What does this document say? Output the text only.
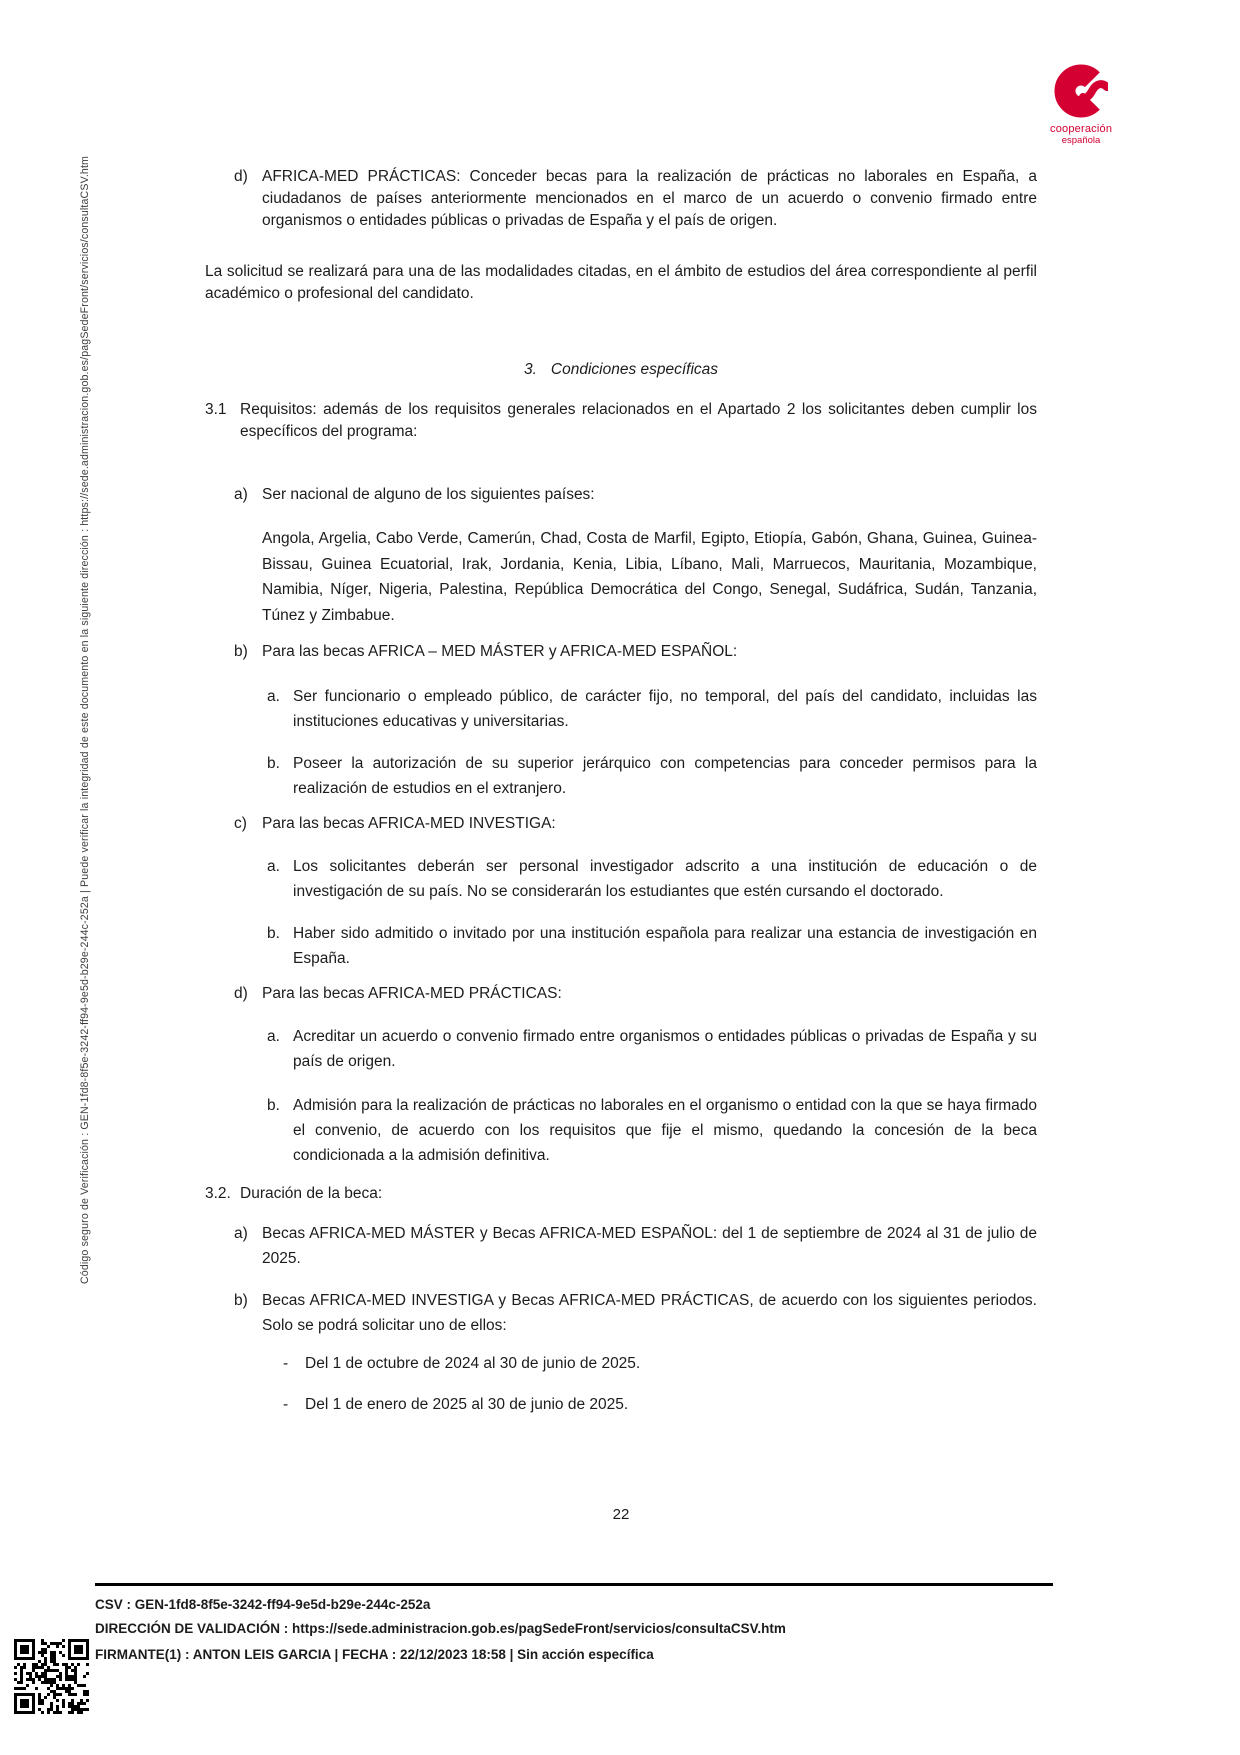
cooperación
española
Código seguro de Verificación : GEN-1fd8-8f5e-3242-ff94-9e5d-b29e-244c-252a | Puede verificar la integridad de este documento en la siguiente dirección : https://sede.administracion.gob.es/pagSedeFront/servicios/consultaCSV.htm	d) AFRICA-MED PRÁCTICAS: Conceder becas para la realización de prácticas no laborales en España, a ciudadanos de países anteriormente mencionados en el marco de un acuerdo o convenio firmado entre organismos o entidades públicas o privadas de España y el país de origen.
La solicitud se realizará para una de las modalidades citadas, en el ámbito de estudios del área correspondiente al perfil académico o profesional del candidato.
3. Condiciones específicas
3.1 Requisitos: además de los requisitos generales relacionados en el Apartado 2 los solicitantes deben cumplir los específicos del programa:
a) Ser nacional de alguno de los siguientes países:
Angola, Argelia, Cabo Verde, Camerún, Chad, Costa de Marfil, Egipto, Etiopía, Gabón, Ghana, Guinea, Guinea-Bissau, Guinea Ecuatorial, Irak, Jordania, Kenia, Libia, Líbano, Mali, Marruecos, Mauritania, Mozambique, Namibia, Níger, Nigeria, Palestina, República Democrática del Congo, Senegal, Sudáfrica, Sudán, Tanzania, Túnez y Zimbabue.
b) Para las becas AFRICA – MED MÁSTER y AFRICA-MED ESPAÑOL:
a. Ser funcionario o empleado público, de carácter fijo, no temporal, del país del candidato, incluidas las instituciones educativas y universitarias.
b. Poseer la autorización de su superior jerárquico con competencias para conceder permisos para la realización de estudios en el extranjero.
c) Para las becas AFRICA-MED INVESTIGA:
a. Los solicitantes deberán ser personal investigador adscrito a una institución de educación o de investigación de su país. No se considerarán los estudiantes que estén cursando el doctorado.
b. Haber sido admitido o invitado por una institución española para realizar una estancia de investigación en España.
d) Para las becas AFRICA-MED PRÁCTICAS:
a. Acreditar un acuerdo o convenio firmado entre organismos o entidades públicas o privadas de España y su país de origen.
b. Admisión para la realización de prácticas no laborales en el organismo o entidad con la que se haya firmado el convenio, de acuerdo con los requisitos que fije el mismo, quedando la concesión de la beca condicionada a la admisión definitiva.
3.2. Duración de la beca:
a) Becas AFRICA-MED MÁSTER y Becas AFRICA-MED ESPAÑOL: del 1 de septiembre de 2024 al 31 de julio de 2025.
b) Becas AFRICA-MED INVESTIGA y Becas AFRICA-MED PRÁCTICAS, de acuerdo con los siguientes periodos. Solo se podrá solicitar uno de ellos:
-	Del 1 de octubre de 2024 al 30 de junio de 2025.
-	Del 1 de enero de 2025 al 30 de junio de 2025.
22
CSV : GEN-1fd8-8f5e-3242-ff94-9e5d-b29e-244c-252a
DIRECCIÓN DE VALIDACIÓN : https://sede.administracion.gob.es/pagSedeFront/servicios/consultaCSV.htm
FIRMANTE(1) : ANTON LEIS GARCIA | FECHA : 22/12/2023 18:58 | Sin acción específica
